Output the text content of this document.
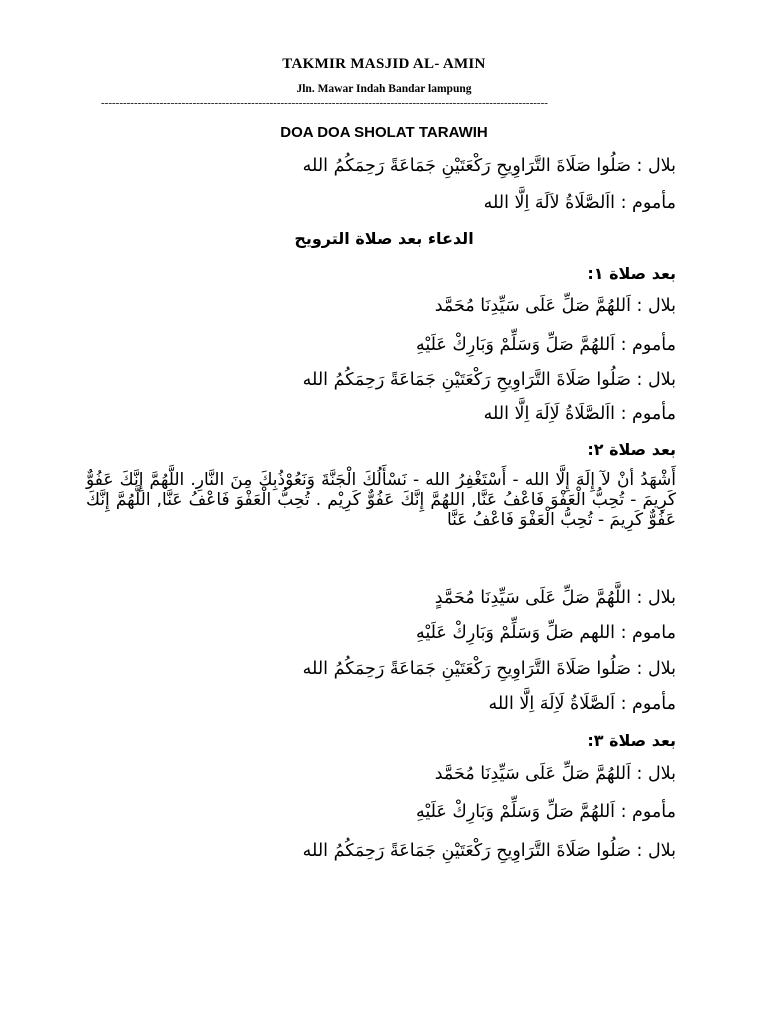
TAKMIR MASJID AL- AMIN
Jln. Mawar Indah Bandar lampung
--------------------------------------------------------------------------------------------------------------------------
DOA DOA SHOLAT TARAWIH
بلال : صَلُوا صَلَاةَ التَّرَاوِيحِ رَكْعَتَيْنِ جَمَاعَةً رَحِمَكُمُ الله
مأموم : ااَلصَّلَاةُ لاَلَهَ اِلَّا الله
الدعاء بعد صلاة الترويح
بعد صلاة ١:
بلال : اَللهُمَّ صَلِّ عَلَى سَيِّدِنَا مُحَمَّد
مأموم : اَللهُمَّ صَلِّ وَسَلِّمْ وَبَارِكْ عَلَيْهِ
بلال : صَلُوا صَلَاةَ التَّرَاوِيحِ رَكْعَتَيْنِ جَمَاعَةً رَحِمَكُمُ الله
مأموم : ااَلصَّلَاةُ لَاِلَهَ اِلَّا الله
بعد صلاة ٢:
أَشْهَدُ أنْ لآ إِلَهَ إِلَّا الله - أَسْتَغْفِرُ الله - نَسْأَلُكَ الْجَنَّةَ وَنَعُوْذُبِكَ مِنَ النَّارِ. اللَّهُمَّ إِنَّكَ عَفُوٌّ كَرِيمَ - تُحِبُّ الْعَفْوَ فَاعْفُ عَنَّا, اللهُمَّ إِنَّكَ عَفُوٌّ كَرِيْم . تُحِبُّ الْعَفْوَ فَاعْفُ عَنَّا, اللَّهُمَّ إِنَّكَ عَفُوٌّ كَرِيمَ - تُحِبُّ الْعَفْوَ فَاعْفُ عَنَّا
بلال : اللَّهُمَّ صَلِّ عَلَى سَيِّدِنَا مُحَمَّدٍ
ماموم : اللهم صَلِّ وَسَلِّمْ وَبَارِكْ عَلَيْهِ
بلال : صَلُوا صَلَاةَ التَّرَاوِيحِ رَكْعَتَيْنِ جَمَاعَةً رَحِمَكُمُ الله
مأموم : اَلصَّلَاةُ لَاِلَهَ اِلَّا الله
بعد صلاة ٣:
بلال : اَللهُمَّ صَلِّ عَلَى سَيِّدِنَا مُحَمَّد
مأموم : اَللهُمَّ صَلِّ وَسَلِّمْ وَبَارِكْ عَلَيْهِ
بلال : صَلُوا صَلَاةَ التَّرَاوِيحِ رَكْعَتَيْنِ جَمَاعَةً رَحِمَكُمُ الله
